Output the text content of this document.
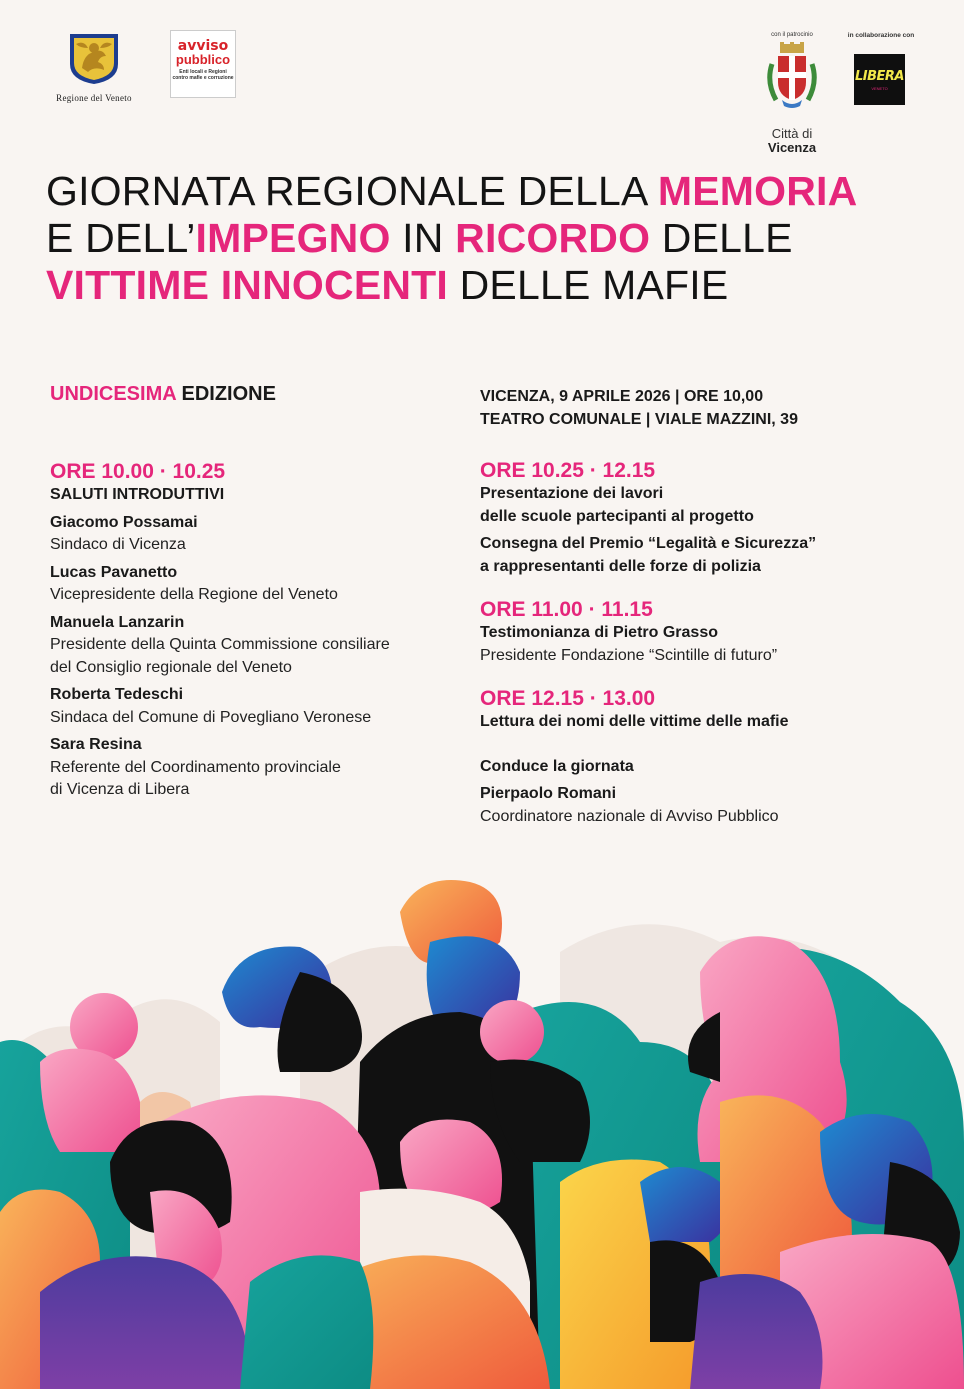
Regione del Veneto
avviso
pubblico
Enti locali e Regioni contro mafie e corruzione
con il patrocinio
Città di
Vicenza
in collaborazione con
LIBERA
VENETO
GIORNATA REGIONALE DELLA MEMORIA
E DELL’IMPEGNO IN RICORDO DELLE
VITTIME INNOCENTI DELLE MAFIE
UNDICESIMA EDIZIONE
ORE 10.00 · 10.25
SALUTI INTRODUTTIVI
Giacomo Possamai
Sindaco di Vicenza
Lucas Pavanetto
Vicepresidente della Regione del Veneto
Manuela Lanzarin
Presidente della Quinta Commissione consiliare
del Consiglio regionale del Veneto
Roberta Tedeschi
Sindaca del Comune di Povegliano Veronese
Sara Resina
Referente del Coordinamento provinciale
di Vicenza di Libera
VICENZA, 9 APRILE 2026 | ORE 10,00
TEATRO COMUNALE | VIALE MAZZINI, 39
ORE 10.25 · 12.15
Presentazione dei lavori
delle scuole partecipanti al progetto
Consegna del Premio “Legalità e Sicurezza”
a rappresentanti delle forze di polizia
ORE 11.00 · 11.15
Testimonianza di Pietro Grasso
Presidente Fondazione “Scintille di futuro”
ORE 12.15 · 13.00
Lettura dei nomi delle vittime delle mafie
Conduce la giornata
Pierpaolo Romani
Coordinatore nazionale di Avviso Pubblico
